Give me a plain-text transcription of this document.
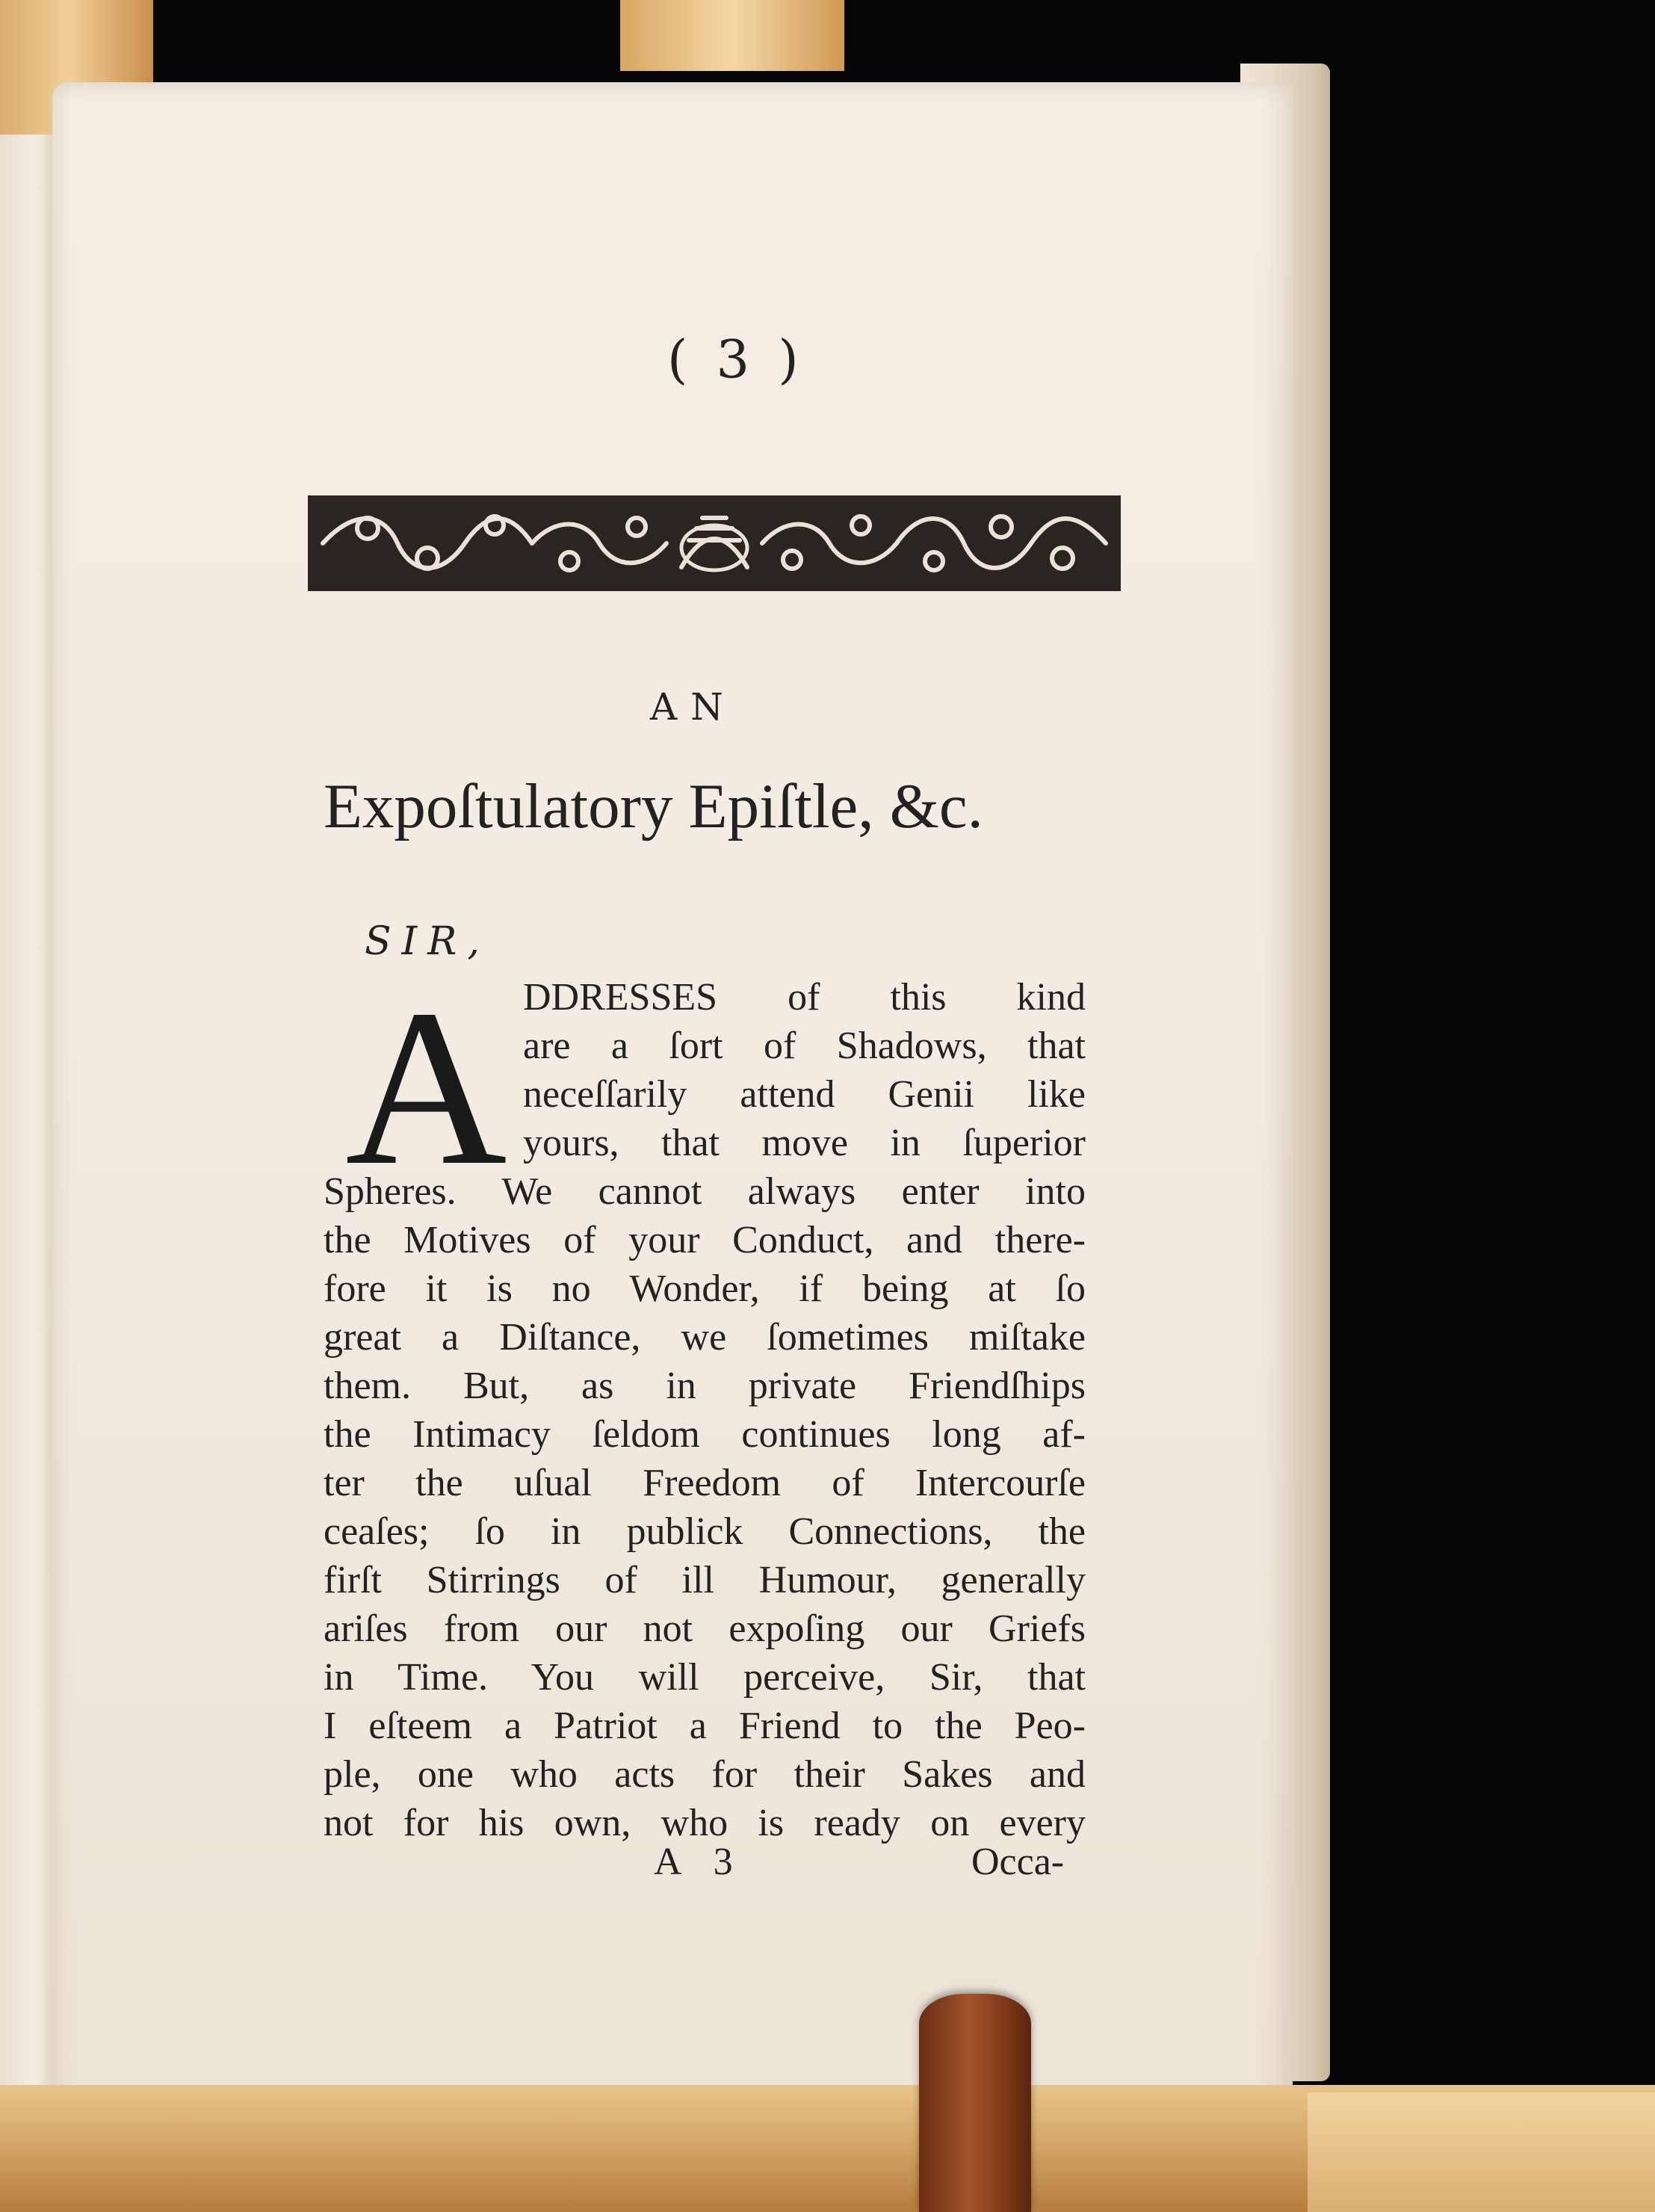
( 3 )
AN
Expoſtulatory Epiſtle, &c.
SIR,
A DDRESSES of this kind
are a ſort of Shadows, that
neceſſarily attend Genii like
yours, that move in ſuperior
Spheres. We cannot always enter into
the Motives of your Conduct, and there-
fore it is no Wonder, if being at ſo
great a Diſtance, we ſometimes miſtake
them. But, as in private Friendſhips
the Intimacy ſeldom continues long af-
ter the uſual Freedom of Intercourſe
ceaſes; ſo in publick Connections, the
firſt Stirrings of ill Humour, generally
ariſes from our not expoſing our Griefs
in Time. You will perceive, Sir, that
I eſteem a Patriot a Friend to the Peo-
ple, one who acts for their Sakes and
not for his own, who is ready on every
A 3	Occa-
